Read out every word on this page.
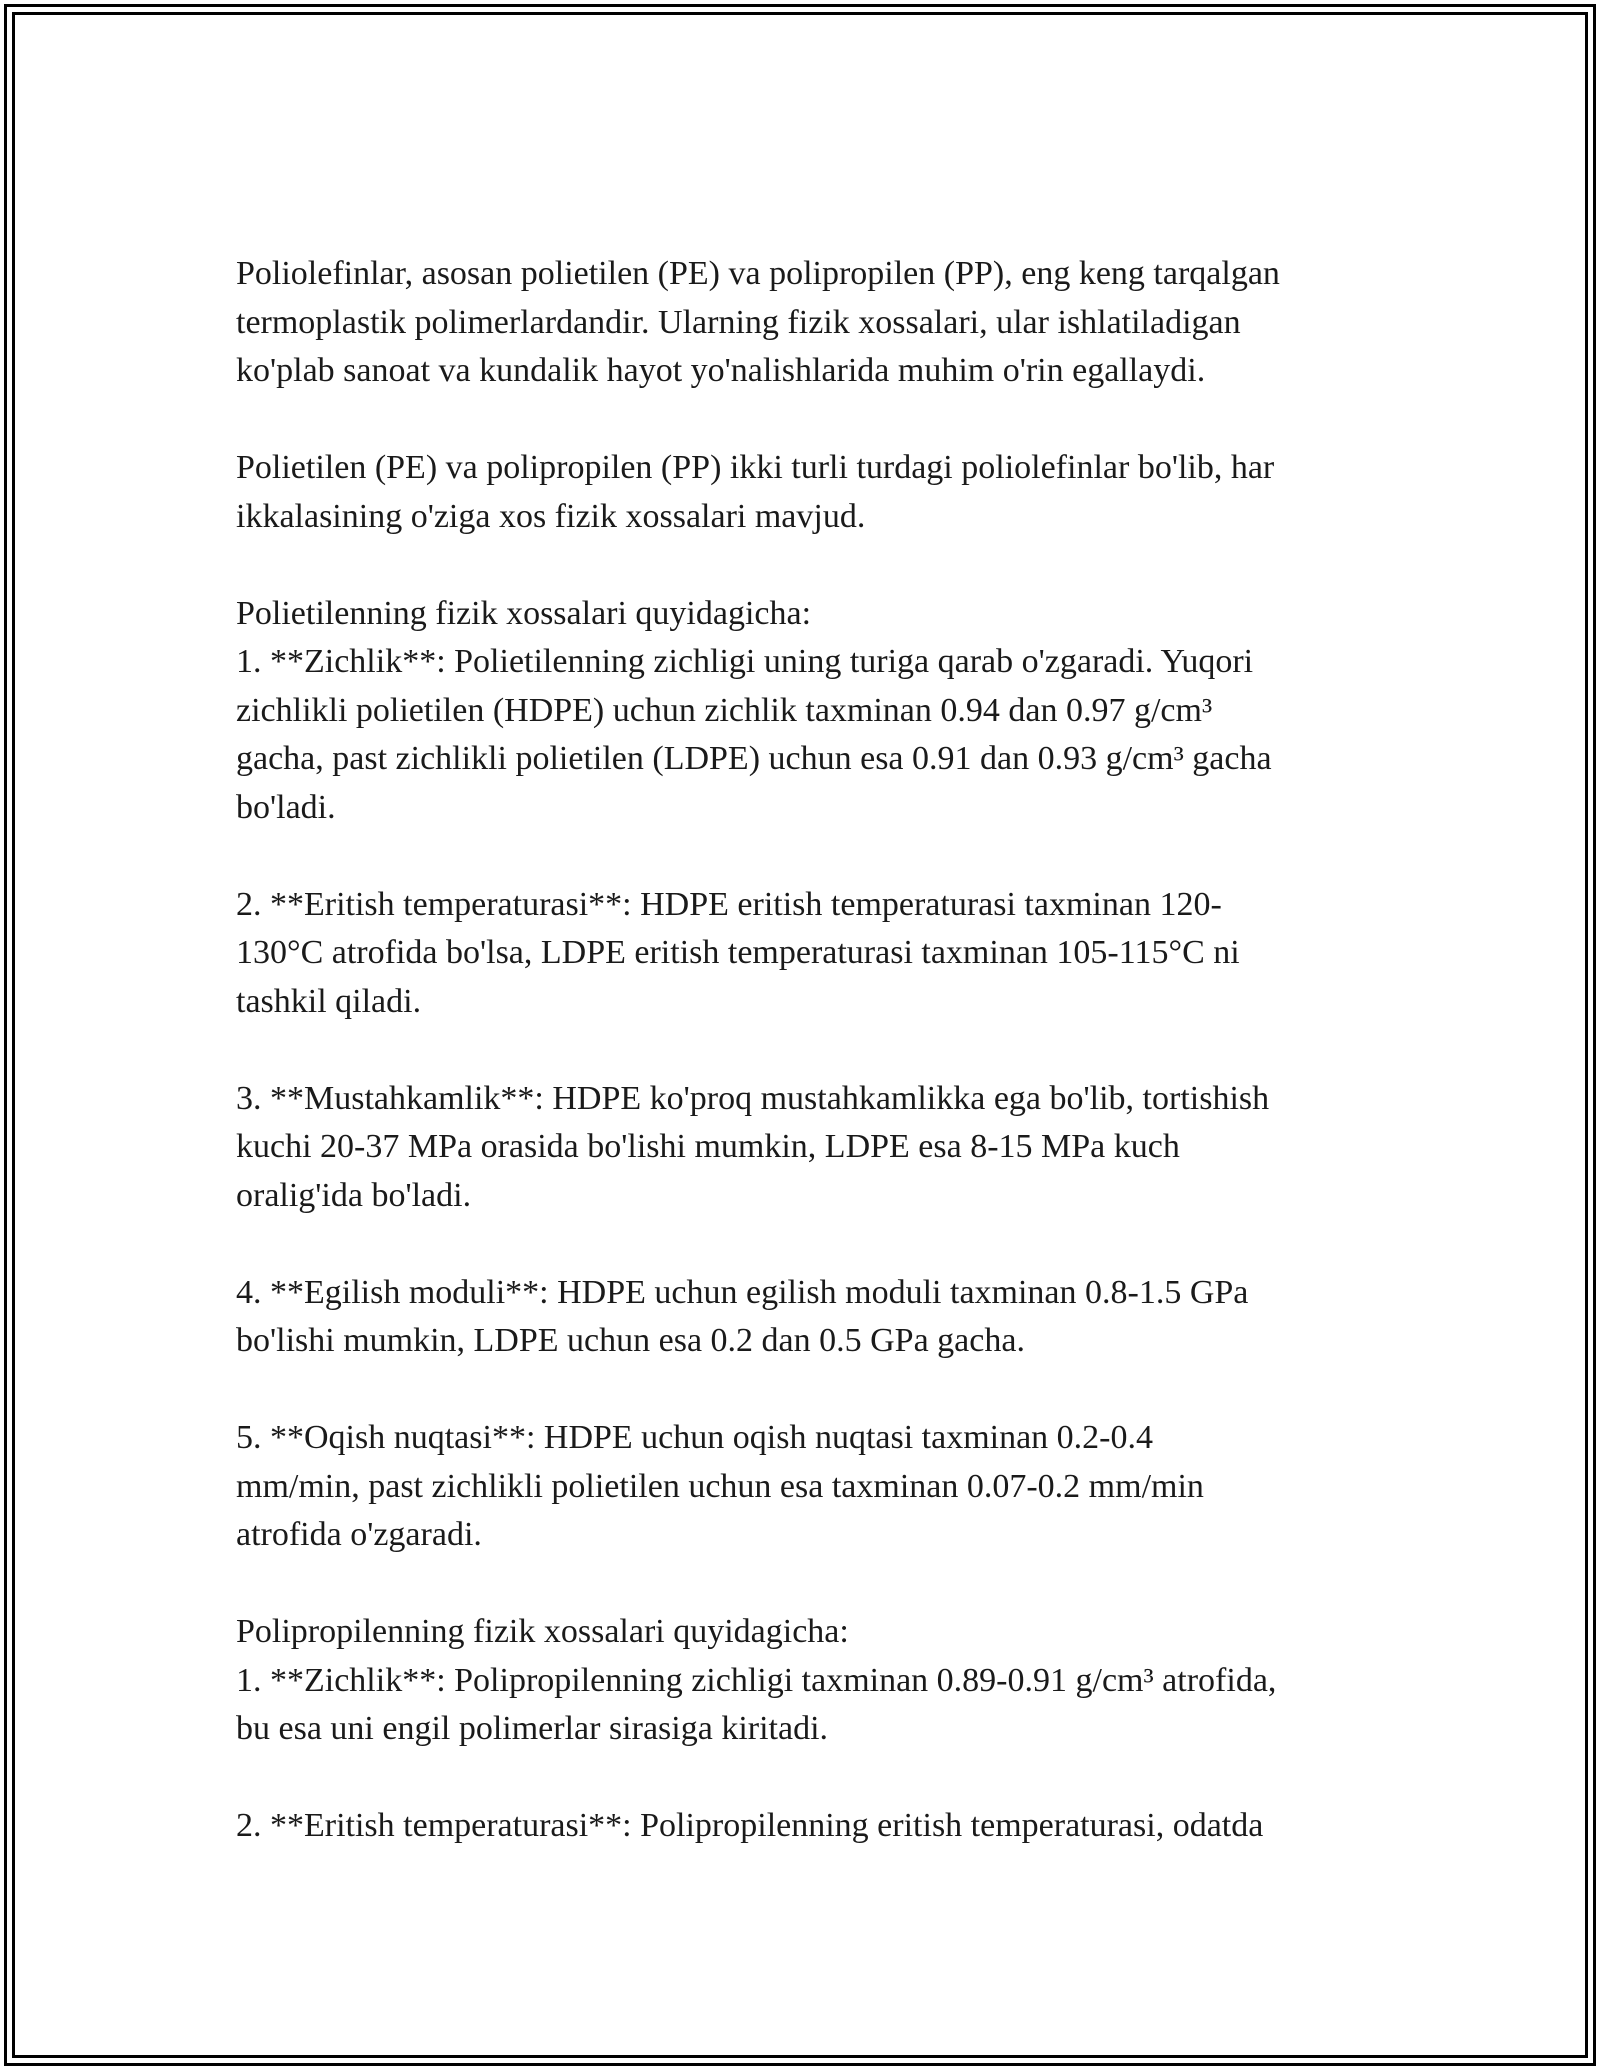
Poliolefinlar, asosan polietilen (PE) va polipropilen (PP), eng keng tarqalgan
termoplastik polimerlardandir. Ularning fizik xossalari, ular ishlatiladigan
ko'plab sanoat va kundalik hayot yo'nalishlarida muhim o'rin egallaydi.

Polietilen (PE) va polipropilen (PP) ikki turli turdagi poliolefinlar bo'lib, har
ikkalasining o'ziga xos fizik xossalari mavjud.

Polietilenning fizik xossalari quyidagicha:

1. **Zichlik**: Polietilenning zichligi uning turiga qarab o'zgaradi. Yuqori
zichlikli polietilen (HDPE) uchun zichlik taxminan 0.94 dan 0.97 g/cm³
gacha, past zichlikli polietilen (LDPE) uchun esa 0.91 dan 0.93 g/cm³ gacha
bo'ladi.

2. **Eritish temperaturasi**: HDPE eritish temperaturasi taxminan 120-
130°C atrofida bo'lsa, LDPE eritish temperaturasi taxminan 105-115°C ni
tashkil qiladi.

3. **Mustahkamlik**: HDPE ko'proq mustahkamlikka ega bo'lib, tortishish
kuchi 20-37 MPa orasida bo'lishi mumkin, LDPE esa 8-15 MPa kuch
oralig'ida bo'ladi.

4. **Egilish moduli**: HDPE uchun egilish moduli taxminan 0.8-1.5 GPa
bo'lishi mumkin, LDPE uchun esa 0.2 dan 0.5 GPa gacha.

5. **Oqish nuqtasi**: HDPE uchun oqish nuqtasi taxminan 0.2-0.4
mm/min, past zichlikli polietilen uchun esa taxminan 0.07-0.2 mm/min
atrofida o'zgaradi.

Polipropilenning fizik xossalari quyidagicha:

1. **Zichlik**: Polipropilenning zichligi taxminan 0.89-0.91 g/cm³ atrofida,
bu esa uni engil polimerlar sirasiga kiritadi.

2. **Eritish temperaturasi**: Polipropilenning eritish temperaturasi, odatda
